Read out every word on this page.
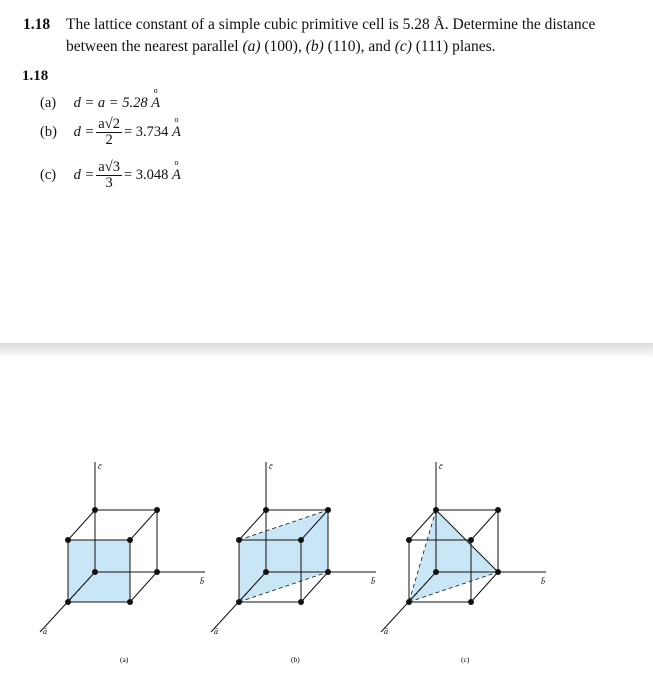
1.18 The lattice constant of a simple cubic primitive cell is 5.28 Å. Determine the distance between the nearest parallel (a) (100), (b) (110), and (c) (111) planes.
1.18
(a) d = a = 5.28
o
A
(b) $d = \frac{a√2}{2} = 3.734$
o
A
(c) $d = \frac{a√3}{3} = 3.048$
o
A
c̄
b̄
ā
(a)
c̄
b̄
ā
(b)
c̄
b̄
ā
(c)
